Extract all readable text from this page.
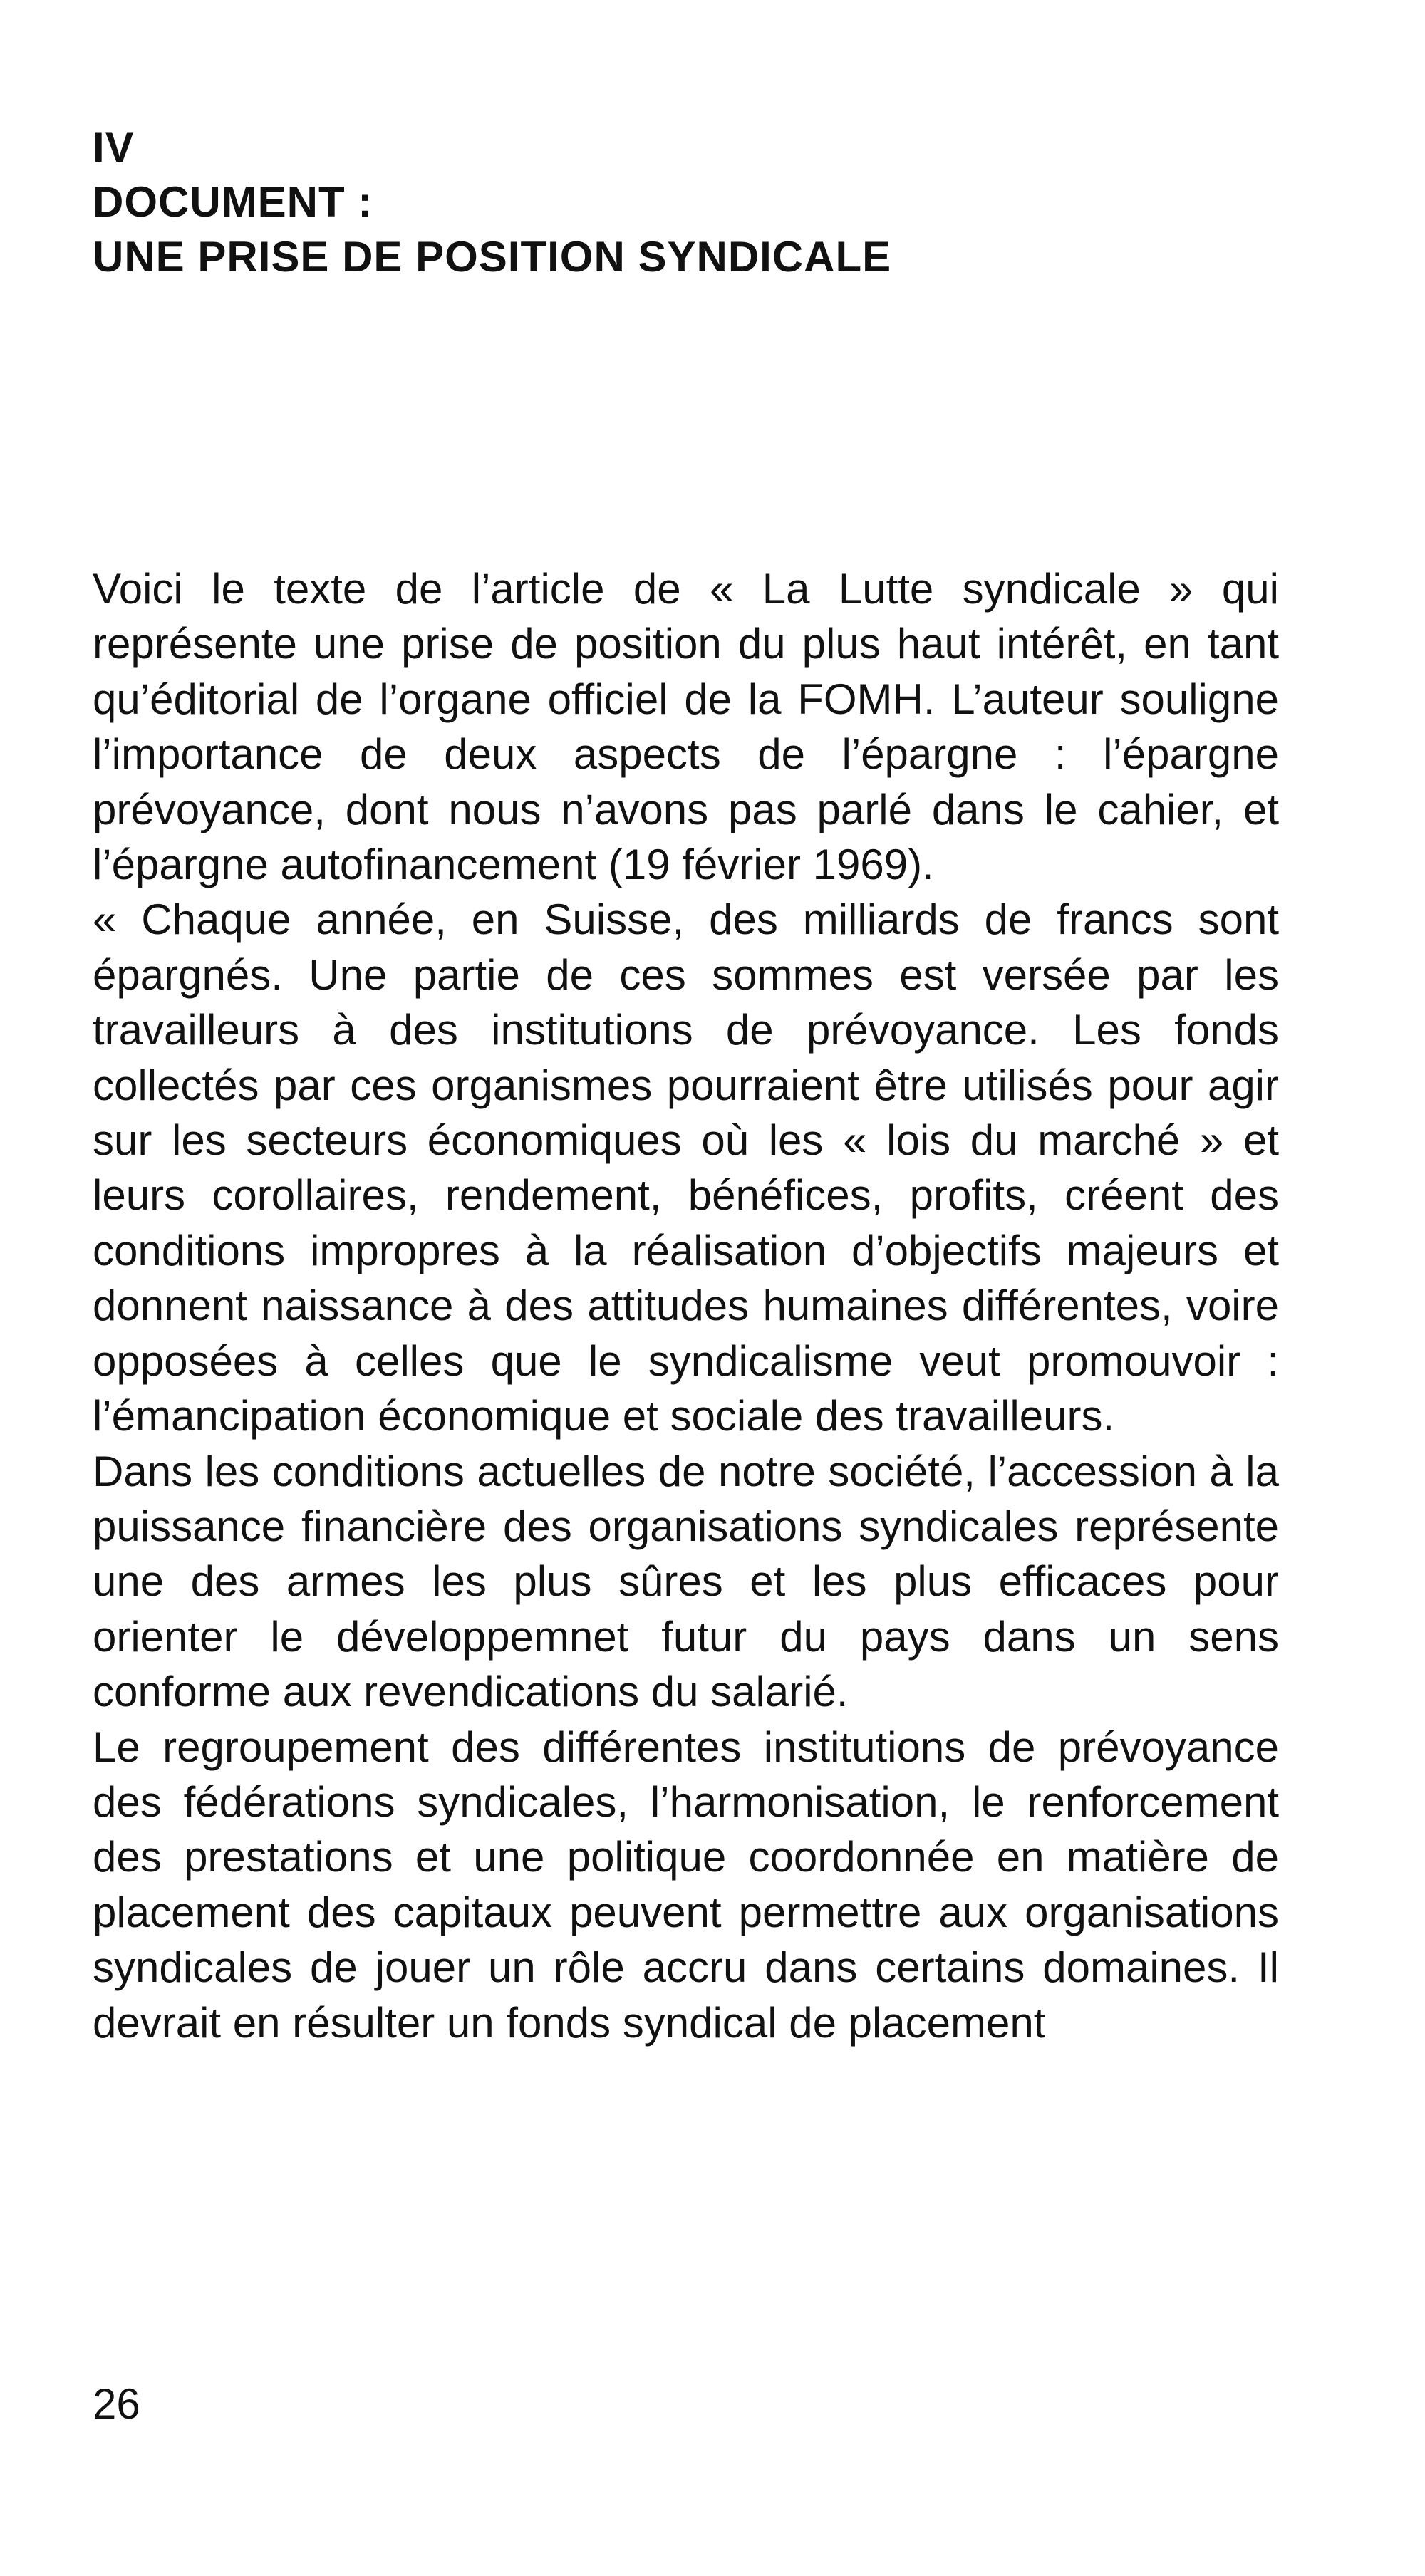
IV
DOCUMENT :
UNE PRISE DE POSITION SYNDICALE

Voici le texte de l’article de « La Lutte syndicale » qui représente une prise de position du plus haut intérêt, en tant qu’éditorial de l’organe officiel de la FOMH. L’auteur souligne l’importance de deux aspects de l’épargne : l’épargne prévoyance, dont nous n’avons pas parlé dans le cahier, et l’épargne autofinancement (19 février 1969).

« Chaque année, en Suisse, des milliards de francs sont épargnés. Une partie de ces sommes est versée par les travailleurs à des institutions de prévoyance. Les fonds collectés par ces organismes pourraient être utilisés pour agir sur les secteurs économiques où les « lois du marché » et leurs corollaires, rendement, bénéfices, profits, créent des conditions impropres à la réalisation d’objectifs majeurs et donnent naissance à des attitudes humaines différentes, voire opposées à celles que le syndicalisme veut promouvoir : l’émancipation économique et sociale des travailleurs.

Dans les conditions actuelles de notre société, l’accession à la puissance financière des organisations syndicales représente une des armes les plus sûres et les plus efficaces pour orienter le développemnet futur du pays dans un sens conforme aux revendications du salarié.

Le regroupement des différentes institutions de prévoyance des fédérations syndicales, l’harmonisation, le renforcement des prestations et une politique coordonnée en matière de placement des capitaux peuvent permettre aux organisations syndicales de jouer un rôle accru dans certains domaines. Il devrait en résulter un fonds syndical de placement

26
